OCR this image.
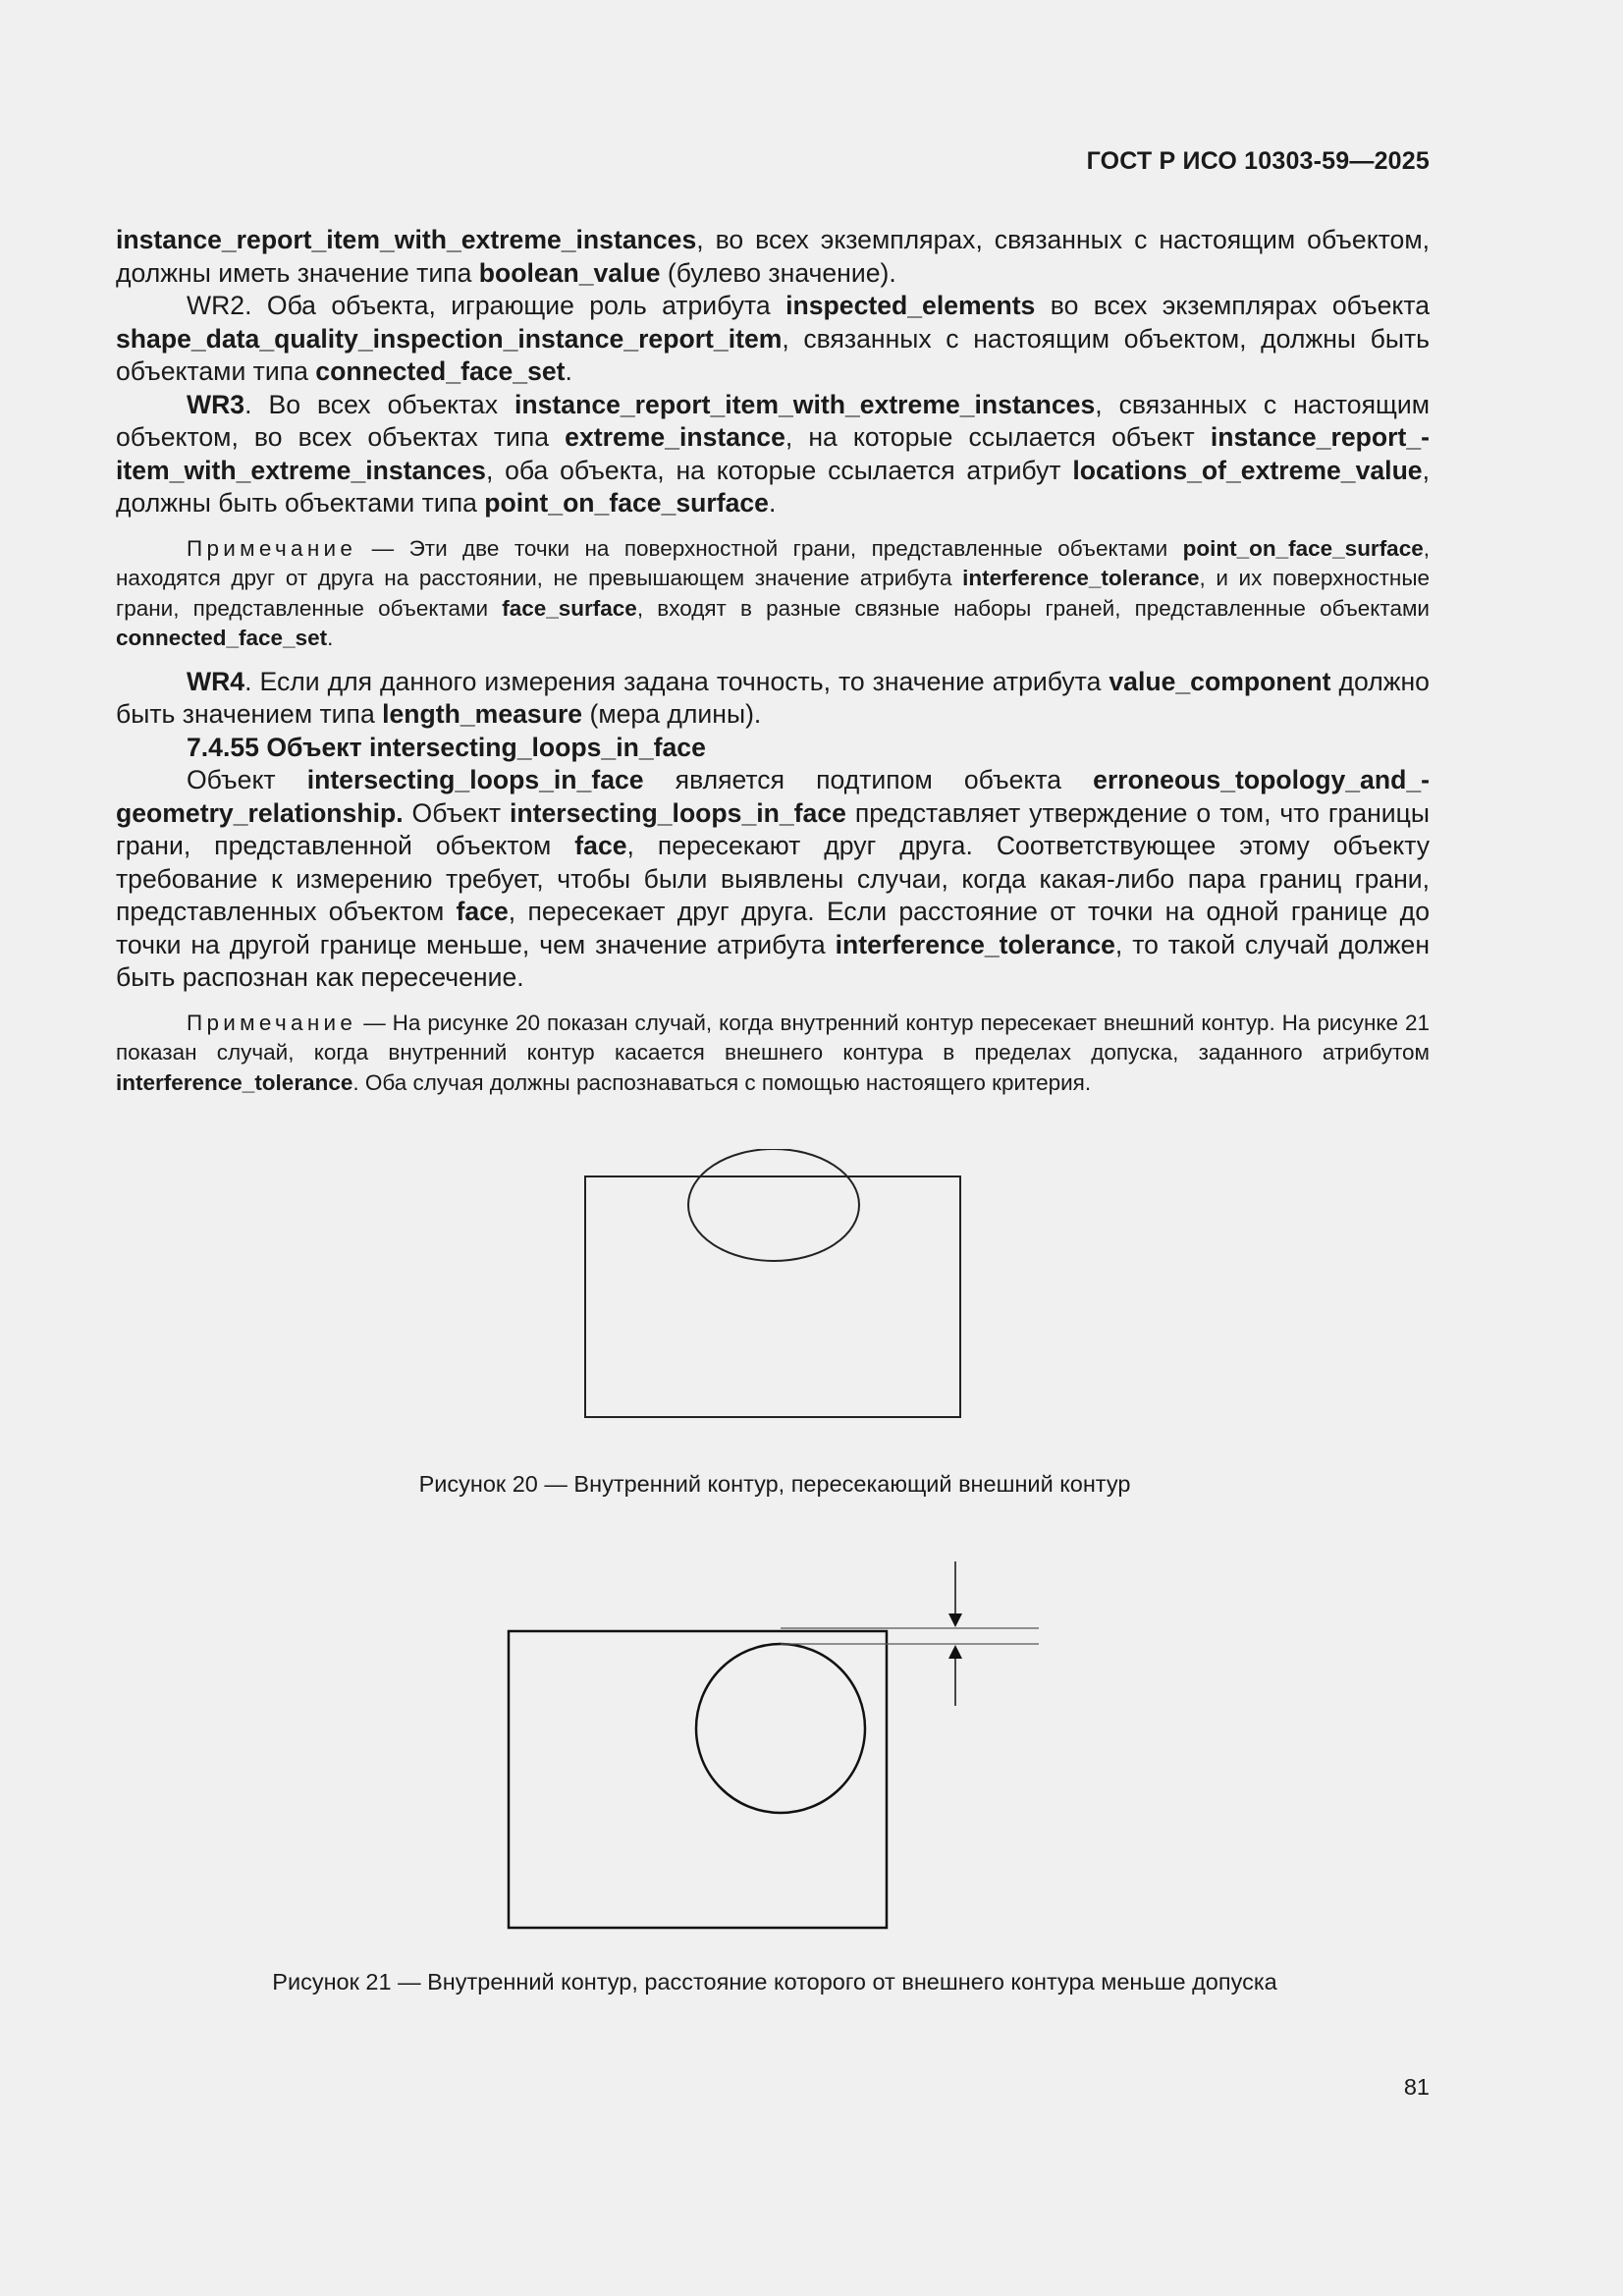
ГОСТ Р ИСО 10303-59—2025

instance_report_item_with_extreme_instances, во всех экземплярах, связанных с настоящим объектом, должны иметь значение типа boolean_value (булево значение).

WR2. Оба объекта, играющие роль атрибута inspected_elements во всех экземплярах объекта shape_data_quality_inspection_instance_report_item, связанных с настоящим объектом, должны быть объектами типа connected_face_set.

WR3. Во всех объектах instance_report_item_with_extreme_instances, связанных с настоящим объектом, во всех объектах типа extreme_instance, на которые ссылается объект instance_report_item_with_extreme_instances, оба объекта, на которые ссылается атрибут locations_of_extreme_value, должны быть объектами типа point_on_face_surface.

Примечание — Эти две точки на поверхностной грани, представленные объектами point_on_face_surface, находятся друг от друга на расстоянии, не превышающем значение атрибута interference_tolerance, и их поверхностные грани, представленные объектами face_surface, входят в разные связные наборы граней, представленные объектами connected_face_set.

WR4. Если для данного измерения задана точность, то значение атрибута value_component должно быть значением типа length_measure (мера длины).

7.4.55 Объект intersecting_loops_in_face

Объект intersecting_loops_in_face является подтипом объекта erroneous_topology_and_geometry_relationship. Объект intersecting_loops_in_face представляет утверждение о том, что границы грани, представленной объектом face, пересекают друг друга. Соответствующее этому объекту требование к измерению требует, чтобы были выявлены случаи, когда какая-либо пара границ грани, представленных объектом face, пересекает друг друга. Если расстояние от точки на одной границе до точки на другой границе меньше, чем значение атрибута interference_tolerance, то такой случай должен быть распознан как пересечение.

Примечание — На рисунке 20 показан случай, когда внутренний контур пересекает внешний контур. На рисунке 21 показан случай, когда внутренний контур касается внешнего контура в пределах допуска, заданного атрибутом interference_tolerance. Оба случая должны распознаваться с помощью настоящего критерия.

Рисунок 20 — Внутренний контур, пересекающий внешний контур
Рисунок 21 — Внутренний контур, расстояние которого от внешнего контура меньше допуска
81
